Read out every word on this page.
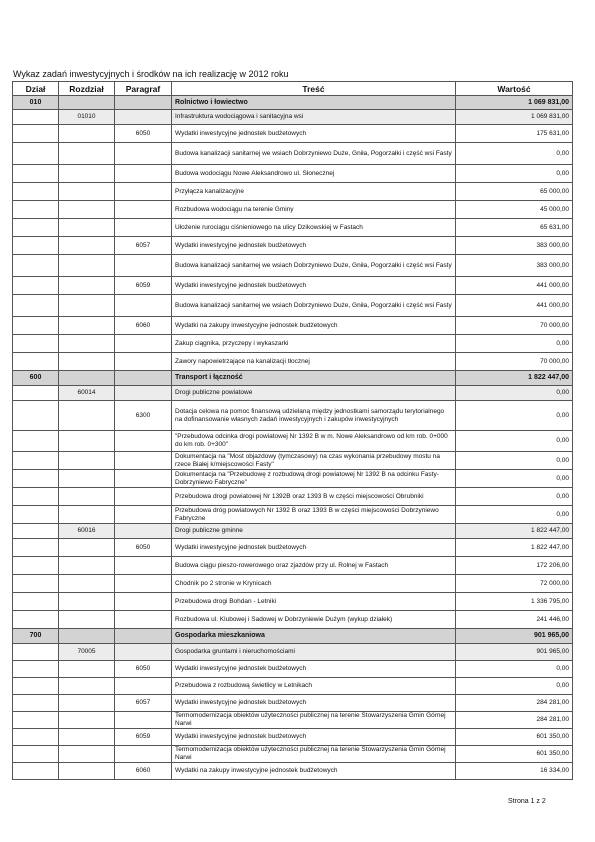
Wykaz zadań inwestycyjnych i środków na ich realizację w 2012 roku
Dział	Rozdział	Paragraf	Treść	Wartość
010			Rolnictwo i łowiectwo	1 069 831,00
	01010		Infrastruktura wodociągowa i sanitacyjna wsi	1 069 831,00
		6050	Wydatki inwestycyjne jednostek budżetowych	175 631,00
			Budowa kanalizacji sanitarnej we wsiach Dobrzyniewo Duże, Gniła, Pogorzałki i część wsi Fasty	0,00
			Budowa wodociągu Nowe Aleksandrowo ul. Słonecznej	0,00
			Przyłącza kanalizacyjne	65 000,00
			Rozbudowa wodociągu na terenie Gminy	45 000,00
			Ułożenie rurociągu ciśnieniowego na ulicy Dzikowskiej w Fastach	65 631,00
		6057	Wydatki inwestycyjne jednostek budżetowych	383 000,00
			Budowa kanalizacji sanitarnej we wsiach Dobrzyniewo Duże, Gniła, Pogorzałki i część wsi Fasty	383 000,00
		6059	Wydatki inwestycyjne jednostek budżetowych	441 000,00
			Budowa kanalizacji sanitarnej we wsiach Dobrzyniewo Duże, Gniła, Pogorzałki i część wsi Fasty	441 000,00
		6060	Wydatki na zakupy inwestycyjne jednostek budżetowych	70 000,00
			Zakup ciągnika, przyczepy i wykaszarki	0,00
			Zawory napowietrzające na kanalizacji tłocznej	70 000,00
600			Transport i łączność	1 822 447,00
	60014		Drogi publiczne powiatowe	0,00
		6300	Dotacja celowa na pomoc finansową udzielaną między jednostkami samorządu terytorialnego na dofinansowanie własnych zadań inwestycyjnych i zakupów inwestycyjnych	0,00
			"Przebudowa odcinka drogi powiatowej Nr 1392 B w m. Nowe Aleksandrowo od km rob. 0+000 do km rob. 0+300"	0,00
			Dokumentacja na "Most objazdowy (tymczasowy) na czas wykonania przebudowy mostu na rzece Białej k/miejscowości Fasty"	0,00
			Dokumentacja na "Przebudowę z rozbudową drogi powiatowej Nr 1392 B na odcinku Fasty-Dobrzyniewo Fabryczne"	0,00
			Przebudowa drogi powiatowej Nr 1392B oraz 1393 B w części miejscowości Obrubniki	0,00
			Przebudowa dróg powiatowych Nr 1392 B oraz 1393 B w części miejscowości Dobrzyniewo Fabryczne	0,00
	60016		Drogi publiczne gminne	1 822 447,00
		6050	Wydatki inwestycyjne jednostek budżetowych	1 822 447,00
			Budowa ciągu pieszo-rowerowego oraz zjazdów przy ul. Rolnej w Fastach	172 206,00
			Chodnik po 2 stronie w Krynicach	72 000,00
			Przebudowa drogi Bohdan - Letniki	1 336 795,00
			Rozbudowa ul. Klubowej i Sadowej w Dobrzyniewie Dużym (wykup działek)	241 446,00
700			Gospodarka mieszkaniowa	901 965,00
	70005		Gospodarka gruntami i nieruchomościami	901 965,00
		6050	Wydatki inwestycyjne jednostek budżetowych	0,00
			Przebudowa z rozbudową świetlicy w Letnikach	0,00
		6057	Wydatki inwestycyjne jednostek budżetowych	284 281,00
			Termomodernizacja obiektów użyteczności publicznej na terenie Stowarzyszenia Gmin Górnej Narwi	284 281,00
		6059	Wydatki inwestycyjne jednostek budżetowych	601 350,00
			Termomodernizacja obiektów użyteczności publicznej na terenie Stowarzyszenia Gmin Górnej Narwi	601 350,00
		6060	Wydatki na zakupy inwestycyjne jednostek budżetowych	16 334,00
Strona 1 z 2
